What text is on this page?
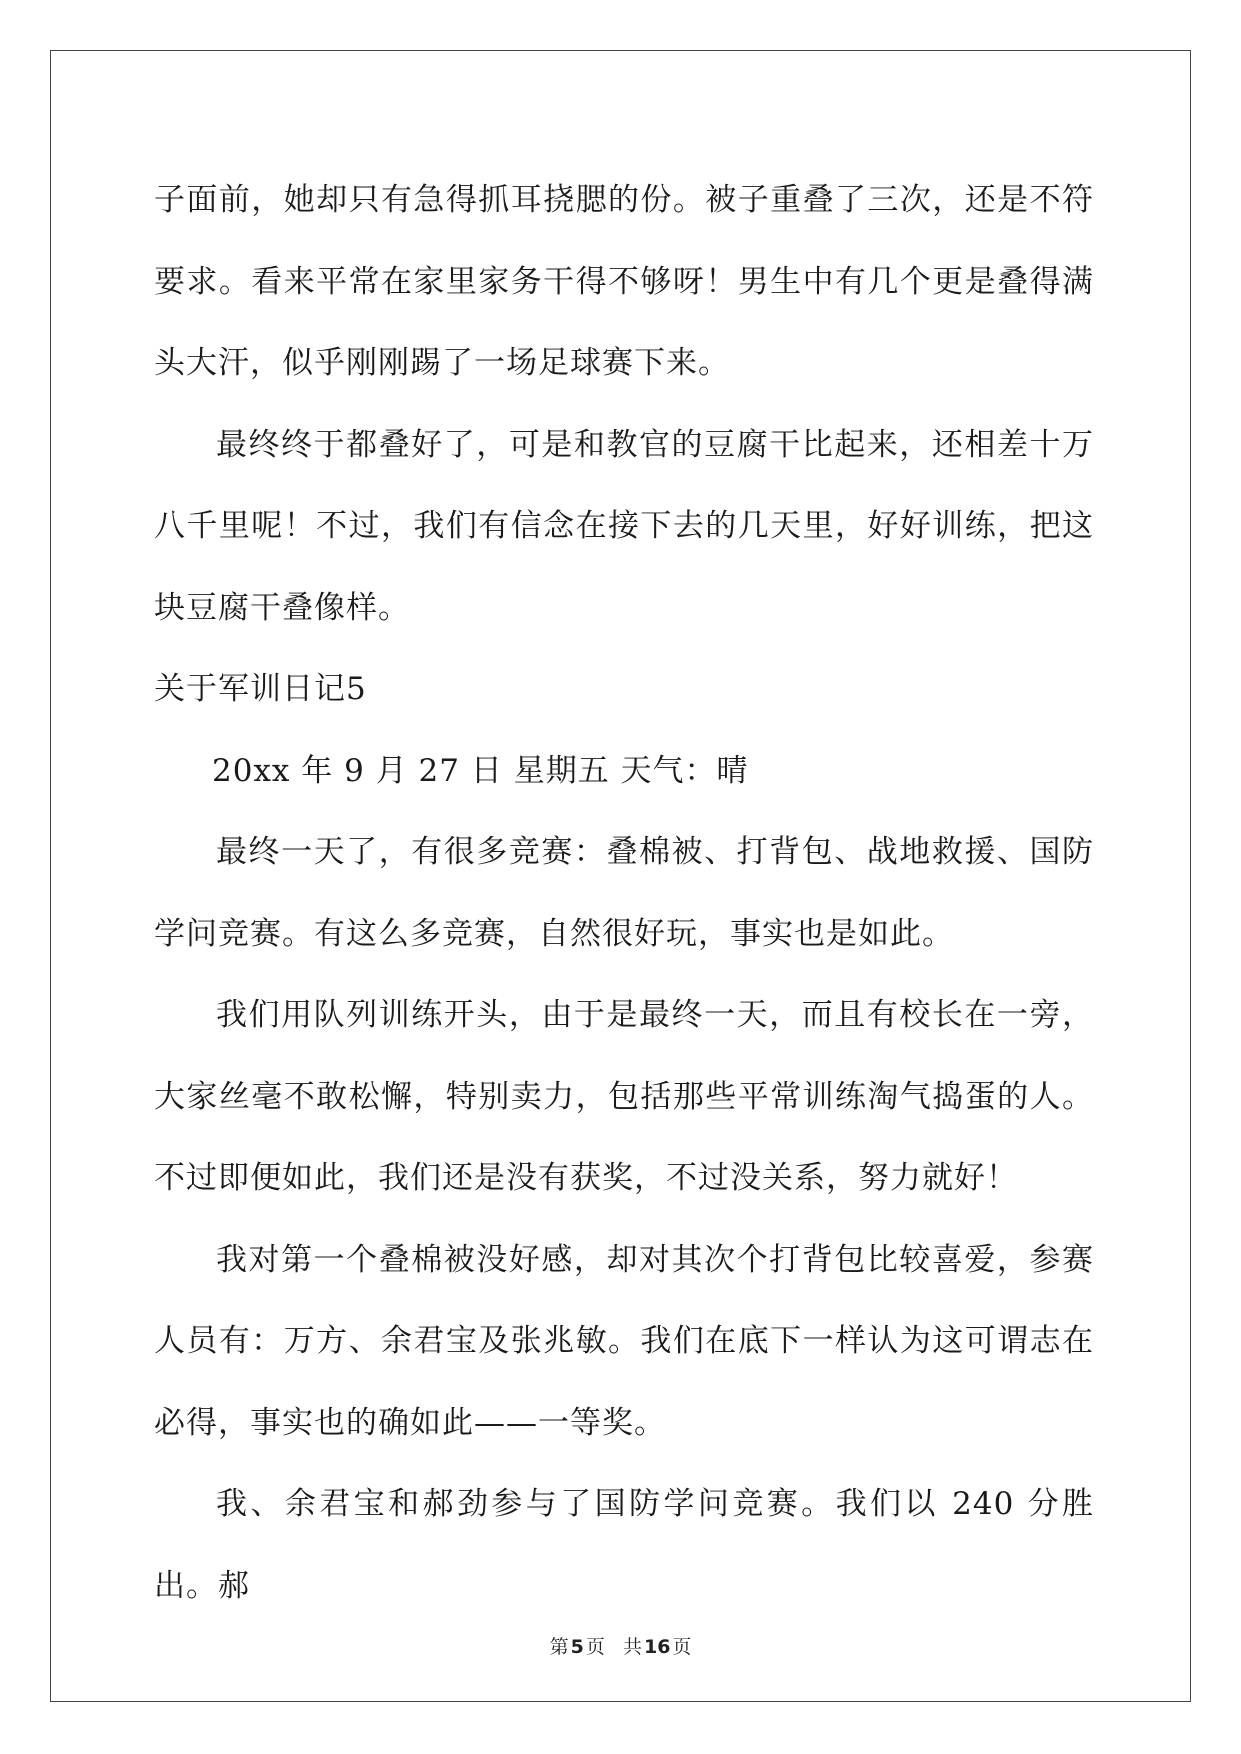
子面前，她却只有急得抓耳挠腮的份。被子重叠了三次，还是不符要求。看来平常在家里家务干得不够呀！男生中有几个更是叠得满头大汗，似乎刚刚踢了一场足球赛下来。

最终终于都叠好了，可是和教官的豆腐干比起来，还相差十万八千里呢！不过，我们有信念在接下去的几天里，好好训练，把这块豆腐干叠像样。

关于军训日记5

20xx 年 9 月 27 日 星期五 天气：晴

最终一天了，有很多竞赛：叠棉被、打背包、战地救援、国防学问竞赛。有这么多竞赛，自然很好玩，事实也是如此。

我们用队列训练开头，由于是最终一天，而且有校长在一旁，大家丝毫不敢松懈，特别卖力，包括那些平常训练淘气捣蛋的人。不过即便如此，我们还是没有获奖，不过没关系，努力就好！

我对第一个叠棉被没好感，却对其次个打背包比较喜爱，参赛人员有：万方、余君宝及张兆敏。我们在底下一样认为这可谓志在必得，事实也的确如此——一等奖。

我、余君宝和郝劲参与了国防学问竞赛。我们以 240 分胜出。郝

第 5 页 共 16 页
